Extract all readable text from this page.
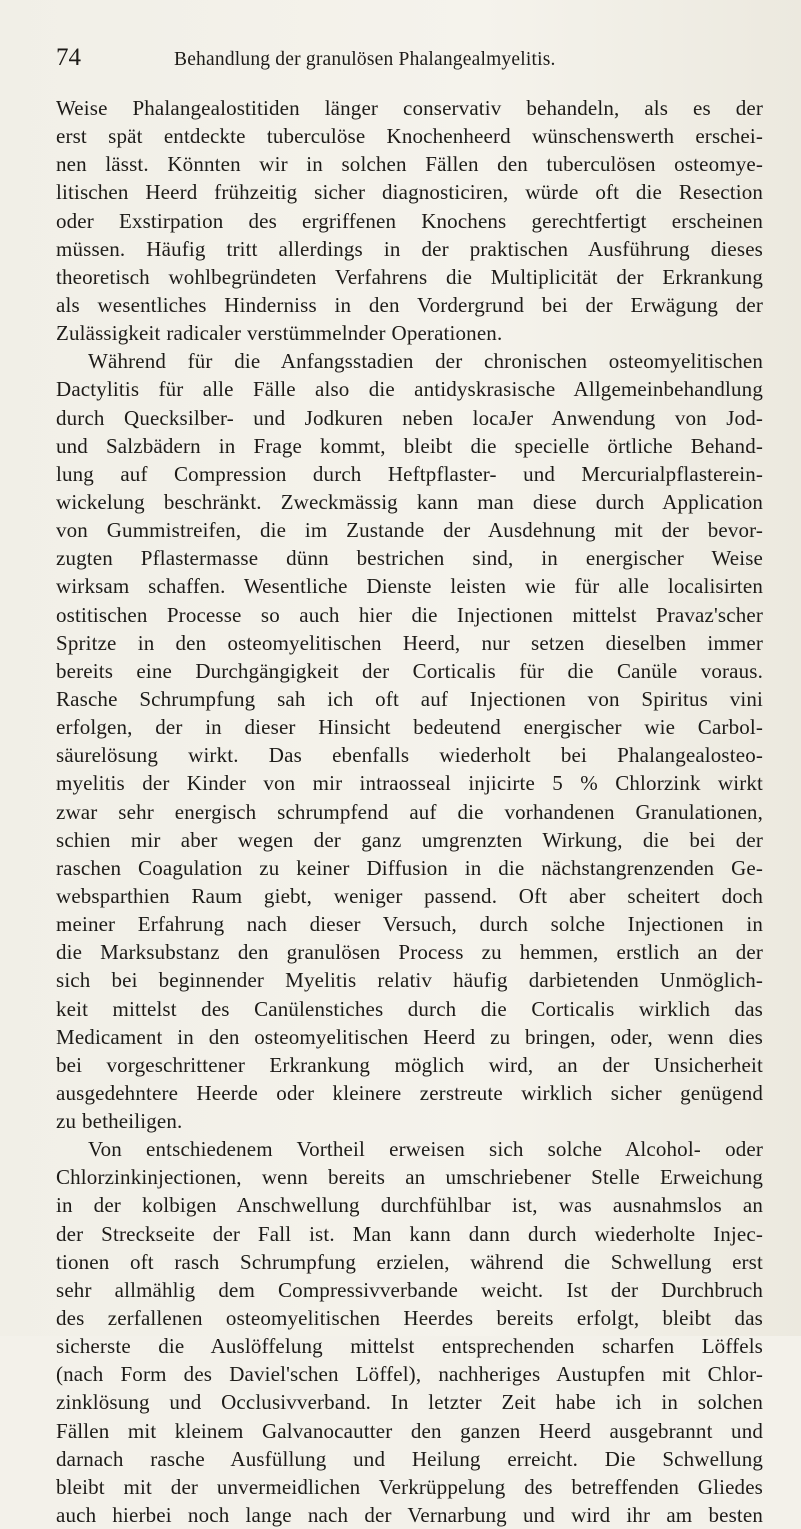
74	Behandlung der granulösen Phalangealmyelitis.
Weise Phalangealostitiden länger conservativ behandeln, als es der
erst spät entdeckte tuberculöse Knochenheerd wünschenswerth erschei-
nen lässt. Könnten wir in solchen Fällen den tuberculösen osteomye-
litischen Heerd frühzeitig sicher diagnosticiren, würde oft die Resection
oder Exstirpation des ergriffenen Knochens gerechtfertigt erscheinen
müssen. Häufig tritt allerdings in der praktischen Ausführung dieses
theoretisch wohlbegründeten Verfahrens die Multiplicität der Erkrankung
als wesentliches Hinderniss in den Vordergrund bei der Erwägung der
Zulässigkeit radicaler verstümmelnder Operationen.
Während für die Anfangsstadien der chronischen osteomyelitischen
Dactylitis für alle Fälle also die antidyskrasische Allgemeinbehandlung
durch Quecksilber- und Jodkuren neben locaJer Anwendung von Jod-
und Salzbädern in Frage kommt, bleibt die specielle örtliche Behand-
lung auf Compression durch Heftpflaster- und Mercurialpflasterein-
wickelung beschränkt. Zweckmässig kann man diese durch Application
von Gummistreifen, die im Zustande der Ausdehnung mit der bevor-
zugten Pflastermasse dünn bestrichen sind, in energischer Weise
wirksam schaffen. Wesentliche Dienste leisten wie für alle localisirten
ostitischen Processe so auch hier die Injectionen mittelst Pravaz'scher
Spritze in den osteomyelitischen Heerd, nur setzen dieselben immer
bereits eine Durchgängigkeit der Corticalis für die Canüle voraus.
Rasche Schrumpfung sah ich oft auf Injectionen von Spiritus vini
erfolgen, der in dieser Hinsicht bedeutend energischer wie Carbol-
säurelösung wirkt. Das ebenfalls wiederholt bei Phalangealosteo-
myelitis der Kinder von mir intraosseal injicirte 5 % Chlorzink wirkt
zwar sehr energisch schrumpfend auf die vorhandenen Granulationen,
schien mir aber wegen der ganz umgrenzten Wirkung, die bei der
raschen Coagulation zu keiner Diffusion in die nächstangrenzenden Ge-
websparthien Raum giebt, weniger passend. Oft aber scheitert doch
meiner Erfahrung nach dieser Versuch, durch solche Injectionen in
die Marksubstanz den granulösen Process zu hemmen, erstlich an der
sich bei beginnender Myelitis relativ häufig darbietenden Unmöglich-
keit mittelst des Canülenstiches durch die Corticalis wirklich das
Medicament in den osteomyelitischen Heerd zu bringen, oder, wenn dies
bei vorgeschrittener Erkrankung möglich wird, an der Unsicherheit
ausgedehntere Heerde oder kleinere zerstreute wirklich sicher genügend
zu betheiligen.
Von entschiedenem Vortheil erweisen sich solche Alcohol- oder
Chlorzinkinjectionen, wenn bereits an umschriebener Stelle Erweichung
in der kolbigen Anschwellung durchfühlbar ist, was ausnahmslos an
der Streckseite der Fall ist. Man kann dann durch wiederholte Injec-
tionen oft rasch Schrumpfung erzielen, während die Schwellung erst
sehr allmählig dem Compressivverbande weicht. Ist der Durchbruch
des zerfallenen osteomyelitischen Heerdes bereits erfolgt, bleibt das
sicherste die Auslöffelung mittelst entsprechenden scharfen Löffels
(nach Form des Daviel'schen Löffel), nachheriges Austupfen mit Chlor-
zinklösung und Occlusivverband. In letzter Zeit habe ich in solchen
Fällen mit kleinem Galvanocautter den ganzen Heerd ausgebrannt und
darnach rasche Ausfüllung und Heilung erreicht. Die Schwellung
bleibt mit der unvermeidlichen Verkrüppelung des betreffenden Gliedes
auch hierbei noch lange nach der Vernarbung und wird ihr am besten
